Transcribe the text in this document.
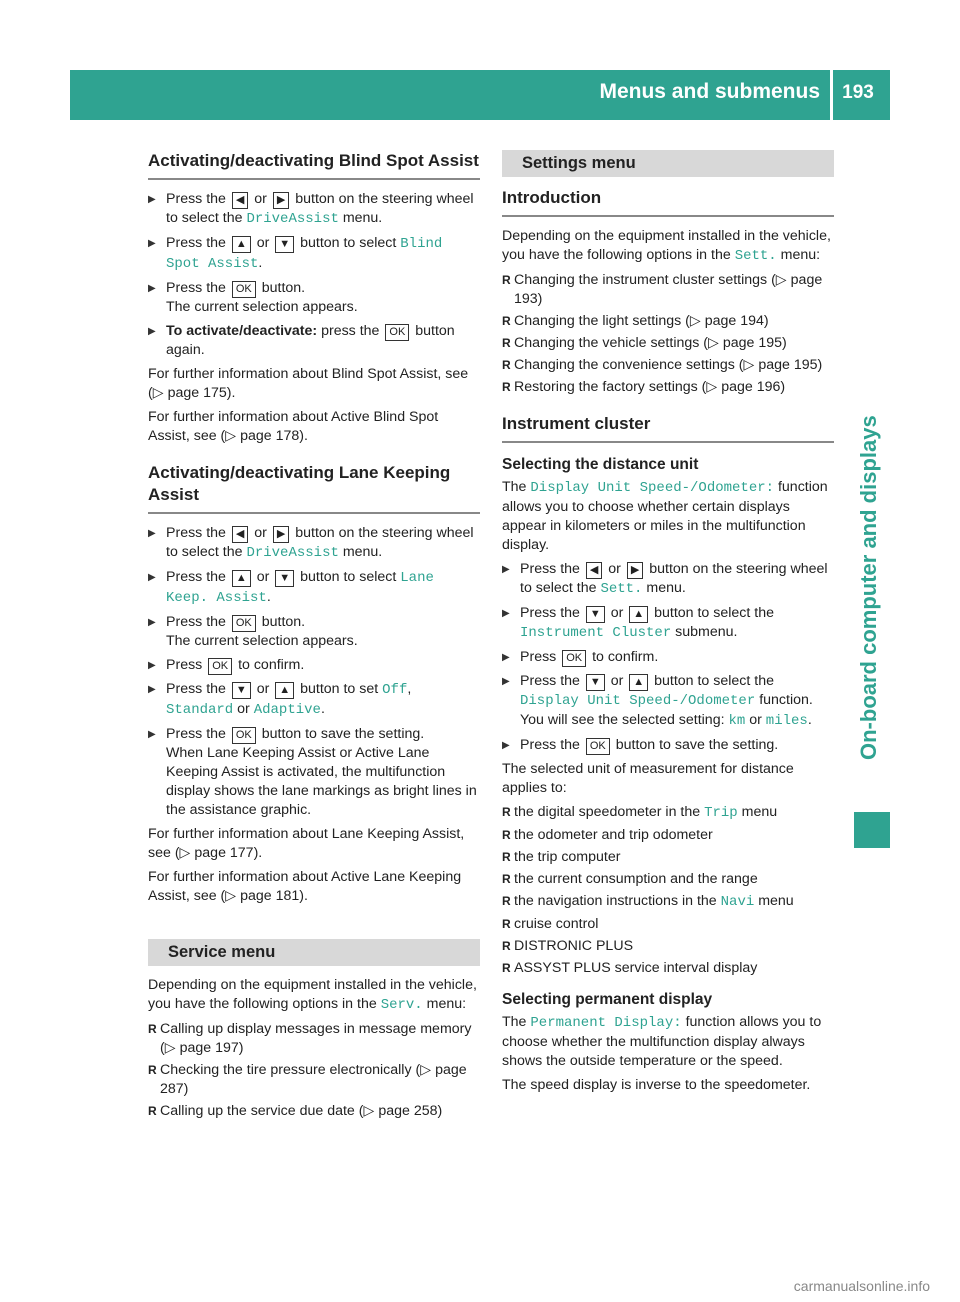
Menus and submenus	193
On-board computer and displays
Activating/deactivating Blind Spot Assist
▶ Press the ◀ or ▶ button on the steering wheel to select the DriveAssist menu.
▶ Press the ▲ or ▼ button to select Blind Spot Assist.
▶ Press the OK button.
The current selection appears.
▶ To activate/deactivate: press the OK button again.

For further information about Blind Spot Assist, see (▷ page 175).

For further information about Active Blind Spot Assist, see (▷ page 178).

Activating/deactivating Lane Keeping Assist
▶ Press the ◀ or ▶ button on the steering wheel to select the DriveAssist menu.
▶ Press the ▲ or ▼ button to select Lane Keep. Assist.
▶ Press the OK button.
The current selection appears.
▶ Press OK to confirm.
▶ Press the ▼ or ▲ button to set Off, Standard or Adaptive.
▶ Press the OK button to save the setting.
When Lane Keeping Assist or Active Lane Keeping Assist is activated, the multifunction display shows the lane markings as bright lines in the assistance graphic.

For further information about Lane Keeping Assist, see (▷ page 177).

For further information about Active Lane Keeping Assist, see (▷ page 181).

Service menu

Depending on the equipment installed in the vehicle, you have the following options in the Serv. menu:

R Calling up display messages in message memory (▷ page 197)
R Checking the tire pressure electronically (▷ page 287)
R Calling up the service due date (▷ page 258)
Settings menu
Introduction

Depending on the equipment installed in the vehicle, you have the following options in the Sett. menu:

R Changing the instrument cluster settings (▷ page 193)
R Changing the light settings (▷ page 194)
R Changing the vehicle settings (▷ page 195)
R Changing the convenience settings (▷ page 195)
R Restoring the factory settings (▷ page 196)
Instrument cluster
Selecting the distance unit

The Display Unit Speed-/Odometer: function allows you to choose whether certain displays appear in kilometers or miles in the multifunction display.

▶ Press the ◀ or ▶ button on the steering wheel to select the Sett. menu.
▶ Press the ▼ or ▲ button to select the Instrument Cluster submenu.
▶ Press OK to confirm.
▶ Press the ▼ or ▲ button to select the Display Unit Speed-/Odometer function.
You will see the selected setting: km or miles.
▶ Press the OK button to save the setting.

The selected unit of measurement for distance applies to:

R the digital speedometer in the Trip menu
R the odometer and trip odometer
R the trip computer
R the current consumption and the range
R the navigation instructions in the Navi menu
R cruise control
R DISTRONIC PLUS
R ASSYST PLUS service interval display
Selecting permanent display

The Permanent Display: function allows you to choose whether the multifunction display always shows the outside temperature or the speed.

The speed display is inverse to the speedometer.

carmanualsonline.info
